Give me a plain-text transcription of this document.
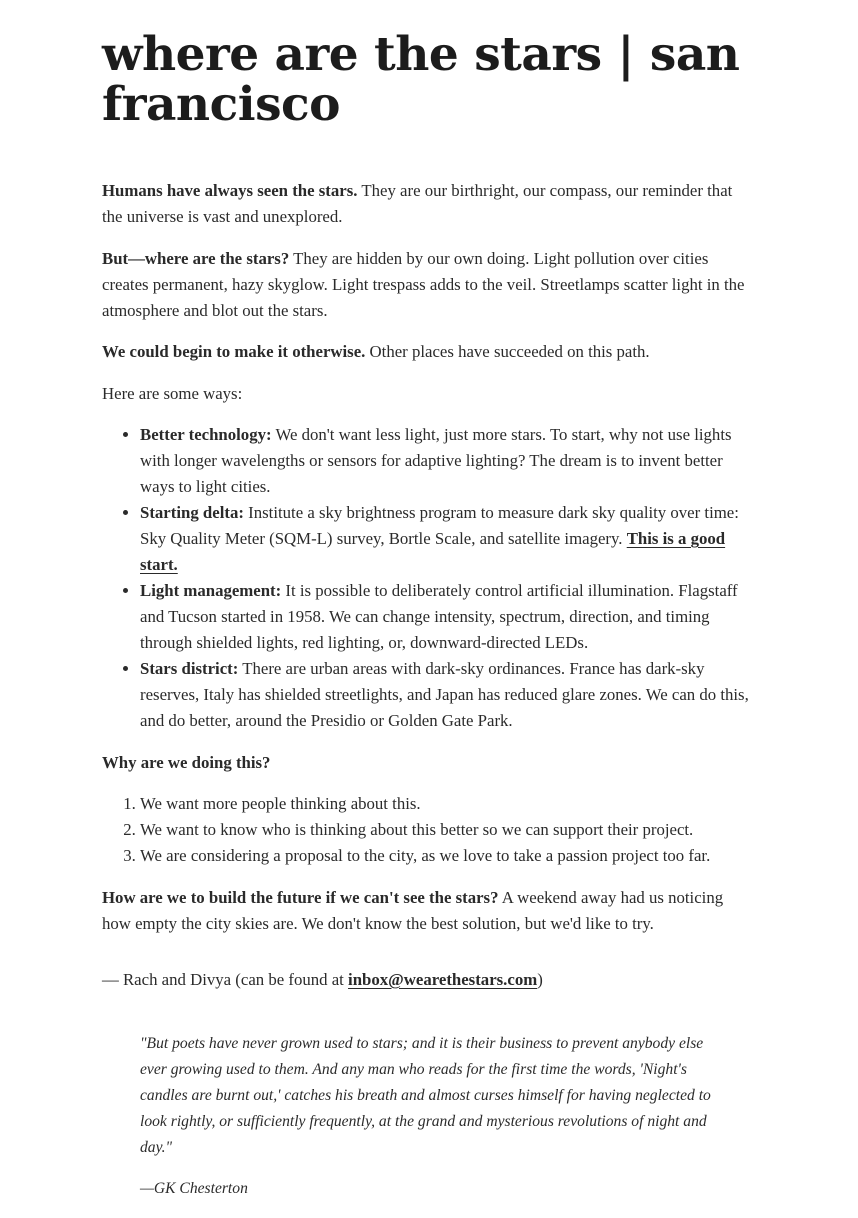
where are the stars | san francisco

Humans have always seen the stars. They are our birthright, our compass, our reminder that the universe is vast and unexplored.

But—where are the stars? They are hidden by our own doing. Light pollution over cities creates permanent, hazy skyglow. Light trespass adds to the veil. Streetlamps scatter light in the atmosphere and blot out the stars.

We could begin to make it otherwise. Other places have succeeded on this path.

Here are some ways:

• Better technology: We don't want less light, just more stars. To start, why not use lights with longer wavelengths or sensors for adaptive lighting? The dream is to invent better ways to light cities.
• Starting delta: Institute a sky brightness program to measure dark sky quality over time: Sky Quality Meter (SQM-L) survey, Bortle Scale, and satellite imagery. This is a good start.
• Light management: It is possible to deliberately control artificial illumination. Flagstaff and Tucson started in 1958. We can change intensity, spectrum, direction, and timing through shielded lights, red lighting, or, downward-directed LEDs.
• Stars district: There are urban areas with dark-sky ordinances. France has dark-sky reserves, Italy has shielded streetlights, and Japan has reduced glare zones. We can do this, and do better, around the Presidio or Golden Gate Park.

Why are we doing this?

1. We want more people thinking about this.
2. We want to know who is thinking about this better so we can support their project.
3. We are considering a proposal to the city, as we love to take a passion project too far.

How are we to build the future if we can't see the stars? A weekend away had us noticing how empty the city skies are. We don't know the best solution, but we'd like to try.

— Rach and Divya (can be found at inbox@wearethestars.com)

"But poets have never grown used to stars; and it is their business to prevent anybody else ever growing used to them. And any man who reads for the first time the words, 'Night's candles are burnt out,' catches his breath and almost curses himself for having neglected to look rightly, or sufficiently frequently, at the grand and mysterious revolutions of night and day."

—GK Chesterton
